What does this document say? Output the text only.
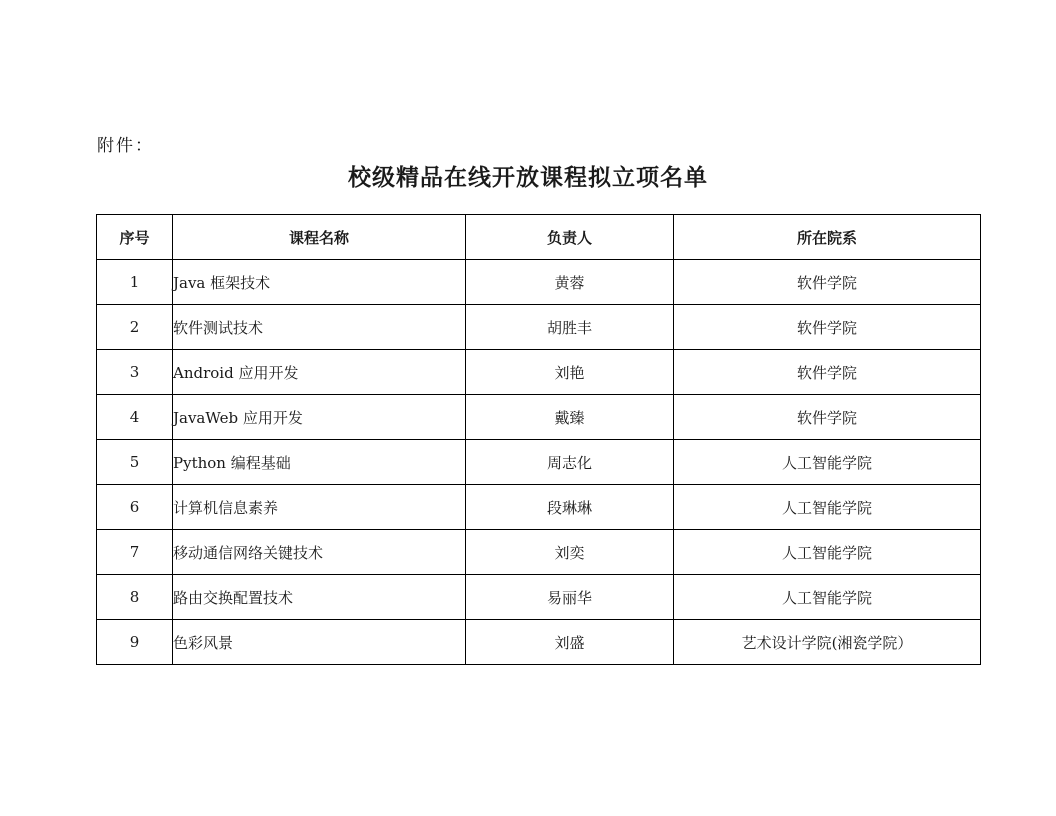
附件：
校级精品在线开放课程拟立项名单
序号	课程名称	负责人	所在院系
1	Java 框架技术	黄蓉	软件学院
2	软件测试技术	胡胜丰	软件学院
3	Android 应用开发	刘艳	软件学院
4	JavaWeb 应用开发	戴臻	软件学院
5	Python 编程基础	周志化	人工智能学院
6	计算机信息素养	段琳琳	人工智能学院
7	移动通信网络关键技术	刘奕	人工智能学院
8	路由交换配置技术	易丽华	人工智能学院
9	色彩风景	刘盛	艺术设计学院(湘瓷学院）
